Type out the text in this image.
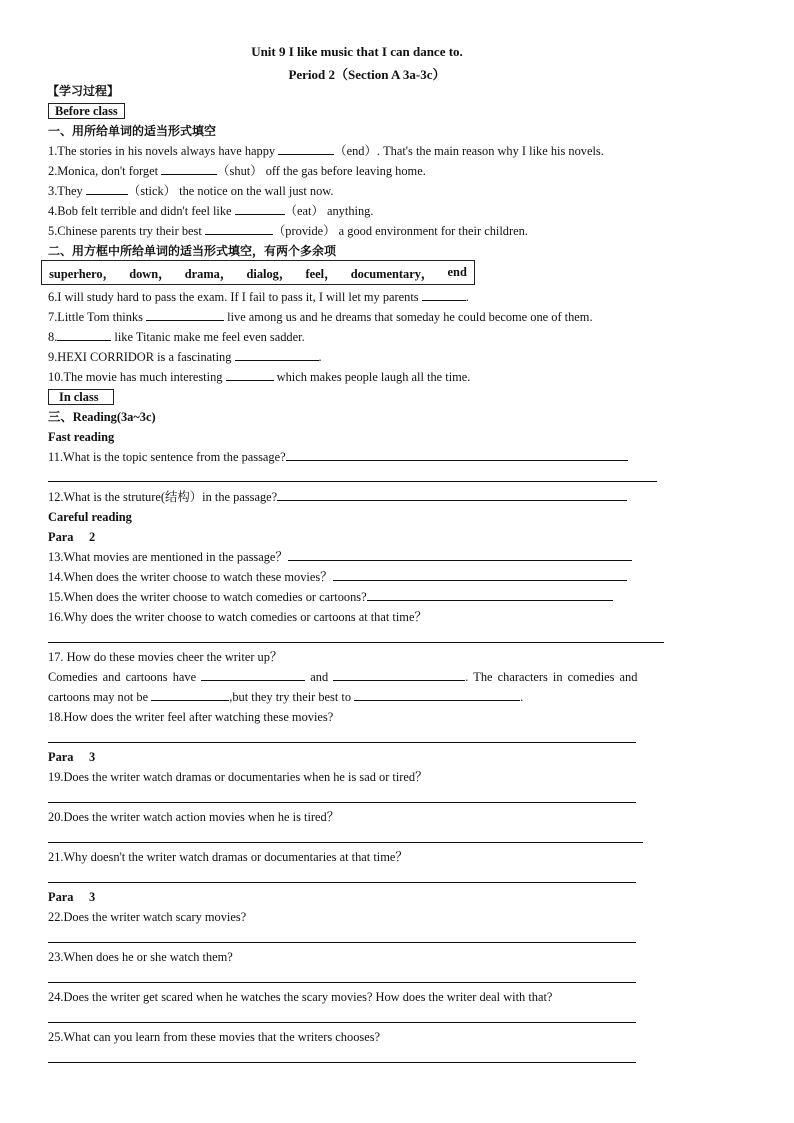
Unit 9 I like music that I can dance to.
Period 2（Section A 3a-3c）
【学习过程】
Before class
一、用所给单词的适当形式填空
1.The stories in his novels always have happy	（end）. That's the main reason why I like his novels.
2.Monica, don't forget	（shut） off the gas before leaving home.
3.They	（stick） the notice on the wall just now.
4.Bob felt terrible and didn't feel like	（eat） anything.
5.Chinese parents try their best	（provide） a good environment for their children.
二、用方框中所给单词的适当形式填空，有两个多余项
superhero， down， drama， dialog， feel， documentary， end
6.I will study hard to pass the exam. If I fail to pass it, I will let my parents	.
7.Little Tom thinks	live among us and he dreams that someday he could become one of them.
8.	like Titanic make me feel even sadder.
9.HEXI CORRIDOR is a fascinating	.
10.The movie has much interesting	which makes people laugh all the time.
In class
三、Reading(3a~3c)
Fast reading
11.What is the topic sentence from the passage?
12.What is the struture(结构）in the passage?
Careful reading
Para　 2
13.What movies are mentioned in the passage？
14.When does the writer choose to watch these movies？
15.When does the writer choose to watch comedies or cartoons?
16.Why does the writer choose to watch comedies or cartoons at that time？
17. How do these movies cheer the writer up？
Comedies and cartoons have	and	. The characters in comedies and
cartoons may not be	,but they try their best to	.
18.How does the writer feel after watching these movies?
Para　 3
19.Does the writer watch dramas or documentaries when he is sad or tired？
20.Does the writer watch action movies when he is tired？
21.Why doesn't the writer watch dramas or documentaries at that time？
Para　 3
22.Does the writer watch scary movies?
23.When does he or she watch them?
24.Does the writer get scared when he watches the scary movies? How does the writer deal with that?
25.What can you learn from these movies that the writers chooses?
